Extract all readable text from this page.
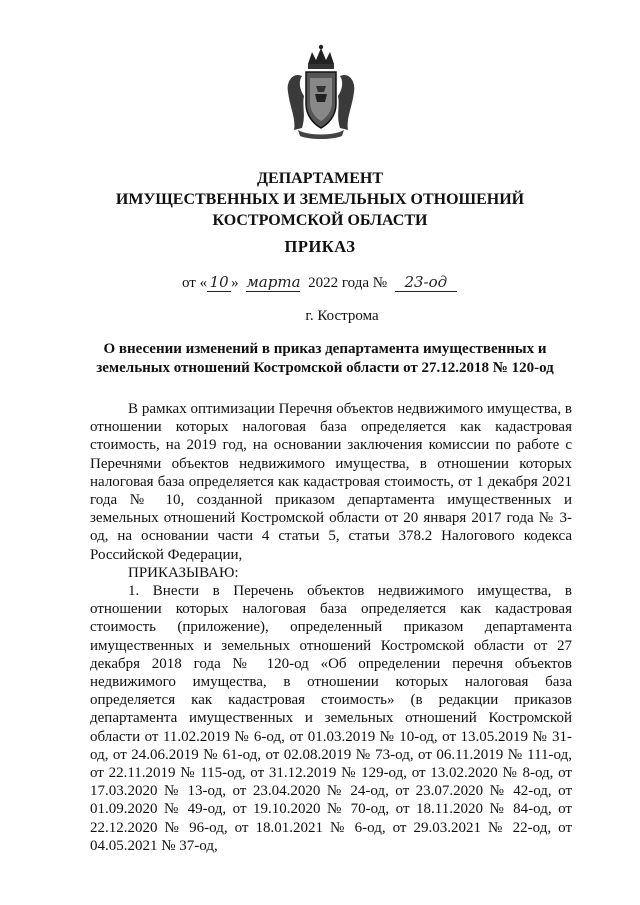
ДЕПАРТАМЕНТ
ИМУЩЕСТВЕННЫХ И ЗЕМЕЛЬНЫХ ОТНОШЕНИЙ
КОСТРОМСКОЙ ОБЛАСТИ
ПРИКАЗ
от « 10 » марта 2022 года № 23-од
г. Кострома
О внесении изменений в приказ департамента имущественных и
земельных отношений Костромской области от 27.12.2018 № 120-од

В рамках оптимизации Перечня объектов недвижимого имущества, в отношении которых налоговая база определяется как кадастровая стоимость, на 2019 год, на основании заключения комиссии по работе с Перечнями объектов недвижимого имущества, в отношении которых налоговая база определяется как кадастровая стоимость, от 1 декабря 2021 года № 10, созданной приказом департамента имущественных и земельных отношений Костромской области от 20 января 2017 года № 3-од, на основании части 4 статьи 5, статьи 378.2 Налогового кодекса Российской Федерации,

ПРИКАЗЫВАЮ:

1. Внести в Перечень объектов недвижимого имущества, в отношении которых налоговая база определяется как кадастровая стоимость (приложение), определенный приказом департамента имущественных и земельных отношений Костромской области от 27 декабря 2018 года № 120-од «Об определении перечня объектов недвижимого имущества, в отношении которых налоговая база определяется как кадастровая стоимость» (в редакции приказов департамента имущественных и земельных отношений Костромской области от 11.02.2019 № 6-од, от 01.03.2019 № 10-од, от 13.05.2019 № 31-од, от 24.06.2019 № 61-од, от 02.08.2019 № 73-од, от 06.11.2019 № 111-од, от 22.11.2019 № 115-од, от 31.12.2019 № 129-од, от 13.02.2020 № 8-од, от 17.03.2020 № 13-од, от 23.04.2020 № 24-од, от 23.07.2020 № 42-од, от 01.09.2020 № 49-од, от 19.10.2020 № 70-од, от 18.11.2020 № 84-од, от 22.12.2020 № 96-од, от 18.01.2021 № 6-од, от 29.03.2021 № 22-од, от 04.05.2021 № 37-од,
